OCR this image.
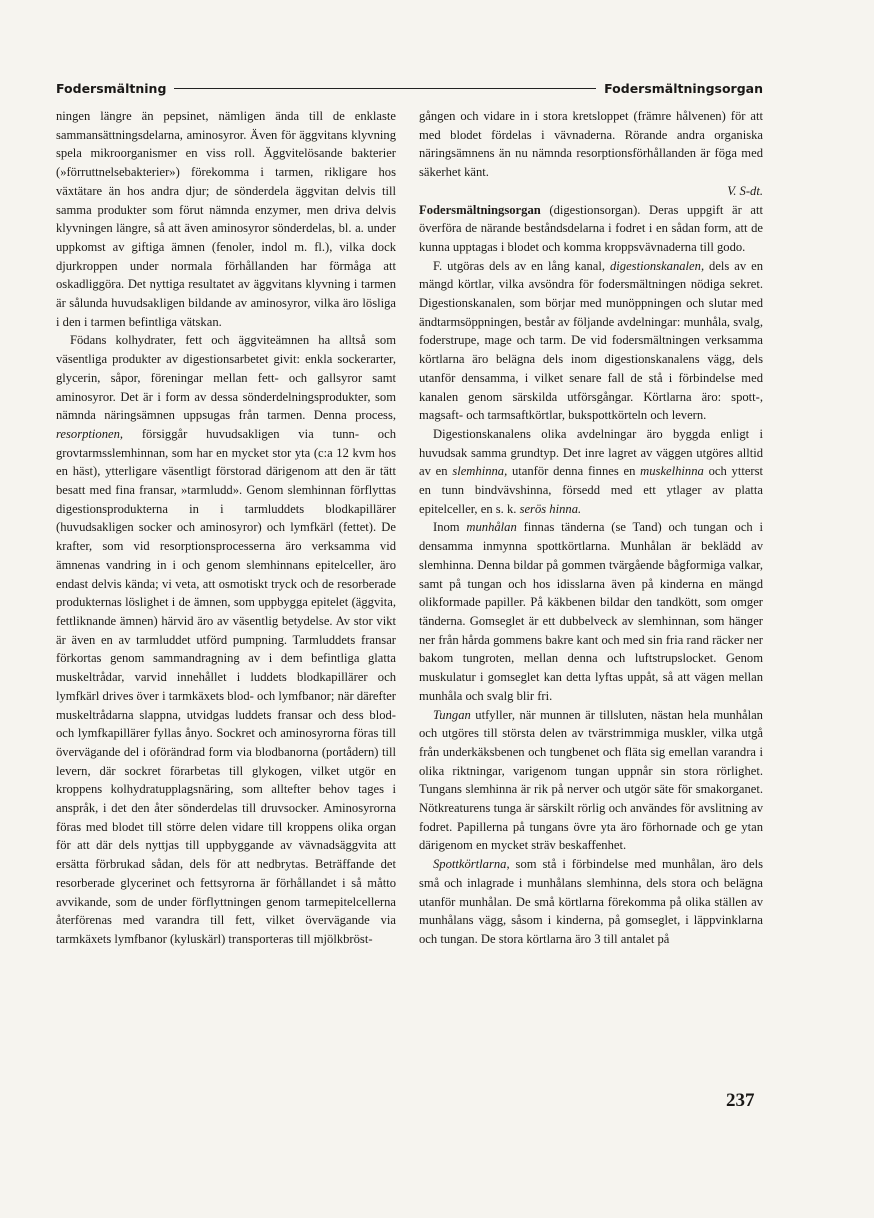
Fodersmältning	Fodersmältningsorgan

ningen längre än pepsinet, nämligen ända till de enklaste sammansättningsdelarna, aminosyror. Även för äggvitans klyvning spela mikroorganismer en viss roll. Äggvitelösande bakterier (»förruttnelsebakterier») förekomma i tarmen, rikligare hos växtätare än hos andra djur; de sönderdela äggvitan delvis till samma produkter som förut nämnda enzymer, men driva delvis klyvningen längre, så att även aminosyror sönderdelas, bl. a. under uppkomst av giftiga ämnen (fenoler, indol m. fl.), vilka dock djurkroppen under normala förhållanden har förmåga att oskadliggöra. Det nyttiga resultatet av äggvitans klyvning i tarmen är sålunda huvudsakligen bildande av aminosyror, vilka äro lösliga i den i tarmen befintliga vätskan.

Födans kolhydrater, fett och äggviteämnen ha alltså som väsentliga produkter av digestionsarbetet givit: enkla sockerarter, glycerin, såpor, föreningar mellan fett- och gallsyror samt aminosyror. Det är i form av dessa sönderdelningsprodukter, som nämnda näringsämnen uppsugas från tarmen. Denna process, resorptionen, försiggår huvudsakligen via tunn- och grovtarmsslemhinnan, som har en mycket stor yta (c:a 12 kvm hos en häst), ytterligare väsentligt förstorad därigenom att den är tätt besatt med fina fransar, »tarmludd». Genom slemhinnan förflyttas digestionsprodukterna in i tarmluddets blodkapillärer (huvudsakligen socker och aminosyror) och lymfkärl (fettet). De krafter, som vid resorptionsprocesserna äro verksamma vid ämnenas vandring in i och genom slemhinnans epitelceller, äro endast delvis kända; vi veta, att osmotiskt tryck och de resorberade produkternas löslighet i de ämnen, som uppbygga epitelet (äggvita, fettliknande ämnen) härvid äro av väsentlig betydelse. Av stor vikt är även en av tarmluddet utförd pumpning. Tarmluddets fransar förkortas genom sammandragning av i dem befintliga glatta muskeltrådar, varvid innehållet i luddets blodkapillärer och lymfkärl drives över i tarmkäxets blod- och lymfbanor; när därefter muskeltrådarna slappna, utvidgas luddets fransar och dess blod- och lymfkapillärer fyllas ånyo. Sockret och aminosyrorna föras till övervägande del i oförändrad form via blodbanorna (portådern) till levern, där sockret förarbetas till glykogen, vilket utgör en kroppens kolhydratupplagsnäring, som alltefter behov tages i anspråk, i det den åter sönderdelas till druvsocker. Aminosyrorna föras med blodet till större delen vidare till kroppens olika organ för att där dels nyttjas till uppbyggande av vävnadsäggvita att ersätta förbrukad sådan, dels för att nedbrytas. Beträffande det resorberade glycerinet och fettsyrorna är förhållandet i så måtto avvikande, som de under förflyttningen genom tarmepitelcellerna återförenas med varandra till fett, vilket övervägande via tarmkäxets lymfbanor (kyluskärl) transporteras till mjölkbröst-

gången och vidare in i stora kretsloppet (främre hålvenen) för att med blodet fördelas i vävnaderna. Rörande andra organiska näringsämnens än nu nämnda resorptionsförhållanden är föga med säkerhet känt.

V. S-dt.

Fodersmältningsorgan (digestionsorgan). Deras uppgift är att överföra de närande beståndsdelarna i fodret i en sådan form, att de kunna upptagas i blodet och komma kroppsvävnaderna till godo.

F. utgöras dels av en lång kanal, digestionskanalen, dels av en mängd körtlar, vilka avsöndra för fodersmältningen nödiga sekret. Digestionskanalen, som börjar med munöppningen och slutar med ändtarmsöppningen, består av följande avdelningar: munhåla, svalg, foderstrupe, mage och tarm. De vid fodersmältningen verksamma körtlarna äro belägna dels inom digestionskanalens vägg, dels utanför densamma, i vilket senare fall de stå i förbindelse med kanalen genom särskilda utförsgångar. Körtlarna äro: spott-, magsaft- och tarmsaftkörtlar, bukspottkörteln och levern.

Digestionskanalens olika avdelningar äro byggda enligt i huvudsak samma grundtyp. Det inre lagret av väggen utgöres alltid av en slemhinna, utanför denna finnes en muskelhinna och ytterst en tunn bindvävshinna, försedd med ett ytlager av platta epitelceller, en s. k. serös hinna.

Inom munhålan finnas tänderna (se Tand) och tungan och i densamma inmynna spottkörtlarna. Munhålan är beklädd av slemhinna. Denna bildar på gommen tvärgående bågformiga valkar, samt på tungan och hos idisslarna även på kinderna en mängd olikformade papiller. På käkbenen bildar den tandkött, som omger tänderna. Gomseglet är ett dubbelveck av slemhinnan, som hänger ner från hårda gommens bakre kant och med sin fria rand räcker ner bakom tungroten, mellan denna och luftstrupslocket. Genom muskulatur i gomseglet kan detta lyftas uppåt, så att vägen mellan munhåla och svalg blir fri.

Tungan utfyller, när munnen är tillsluten, nästan hela munhålan och utgöres till största delen av tvärstrimmiga muskler, vilka utgå från underkäksbenen och tungbenet och fläta sig emellan varandra i olika riktningar, varigenom tungan uppnår sin stora rörlighet. Tungans slemhinna är rik på nerver och utgör säte för smakorganet. Nötkreaturens tunga är särskilt rörlig och användes för avslitning av fodret. Papillerna på tungans övre yta äro förhornade och ge ytan därigenom en mycket sträv beskaffenhet.

Spottkörtlarna, som stå i förbindelse med munhålan, äro dels små och inlagrade i munhålans slemhinna, dels stora och belägna utanför munhålan. De små körtlarna förekomma på olika ställen av munhålans vägg, såsom i kinderna, på gomseglet, i läppvinklarna och tungan. De stora körtlarna äro 3 till antalet på

237
